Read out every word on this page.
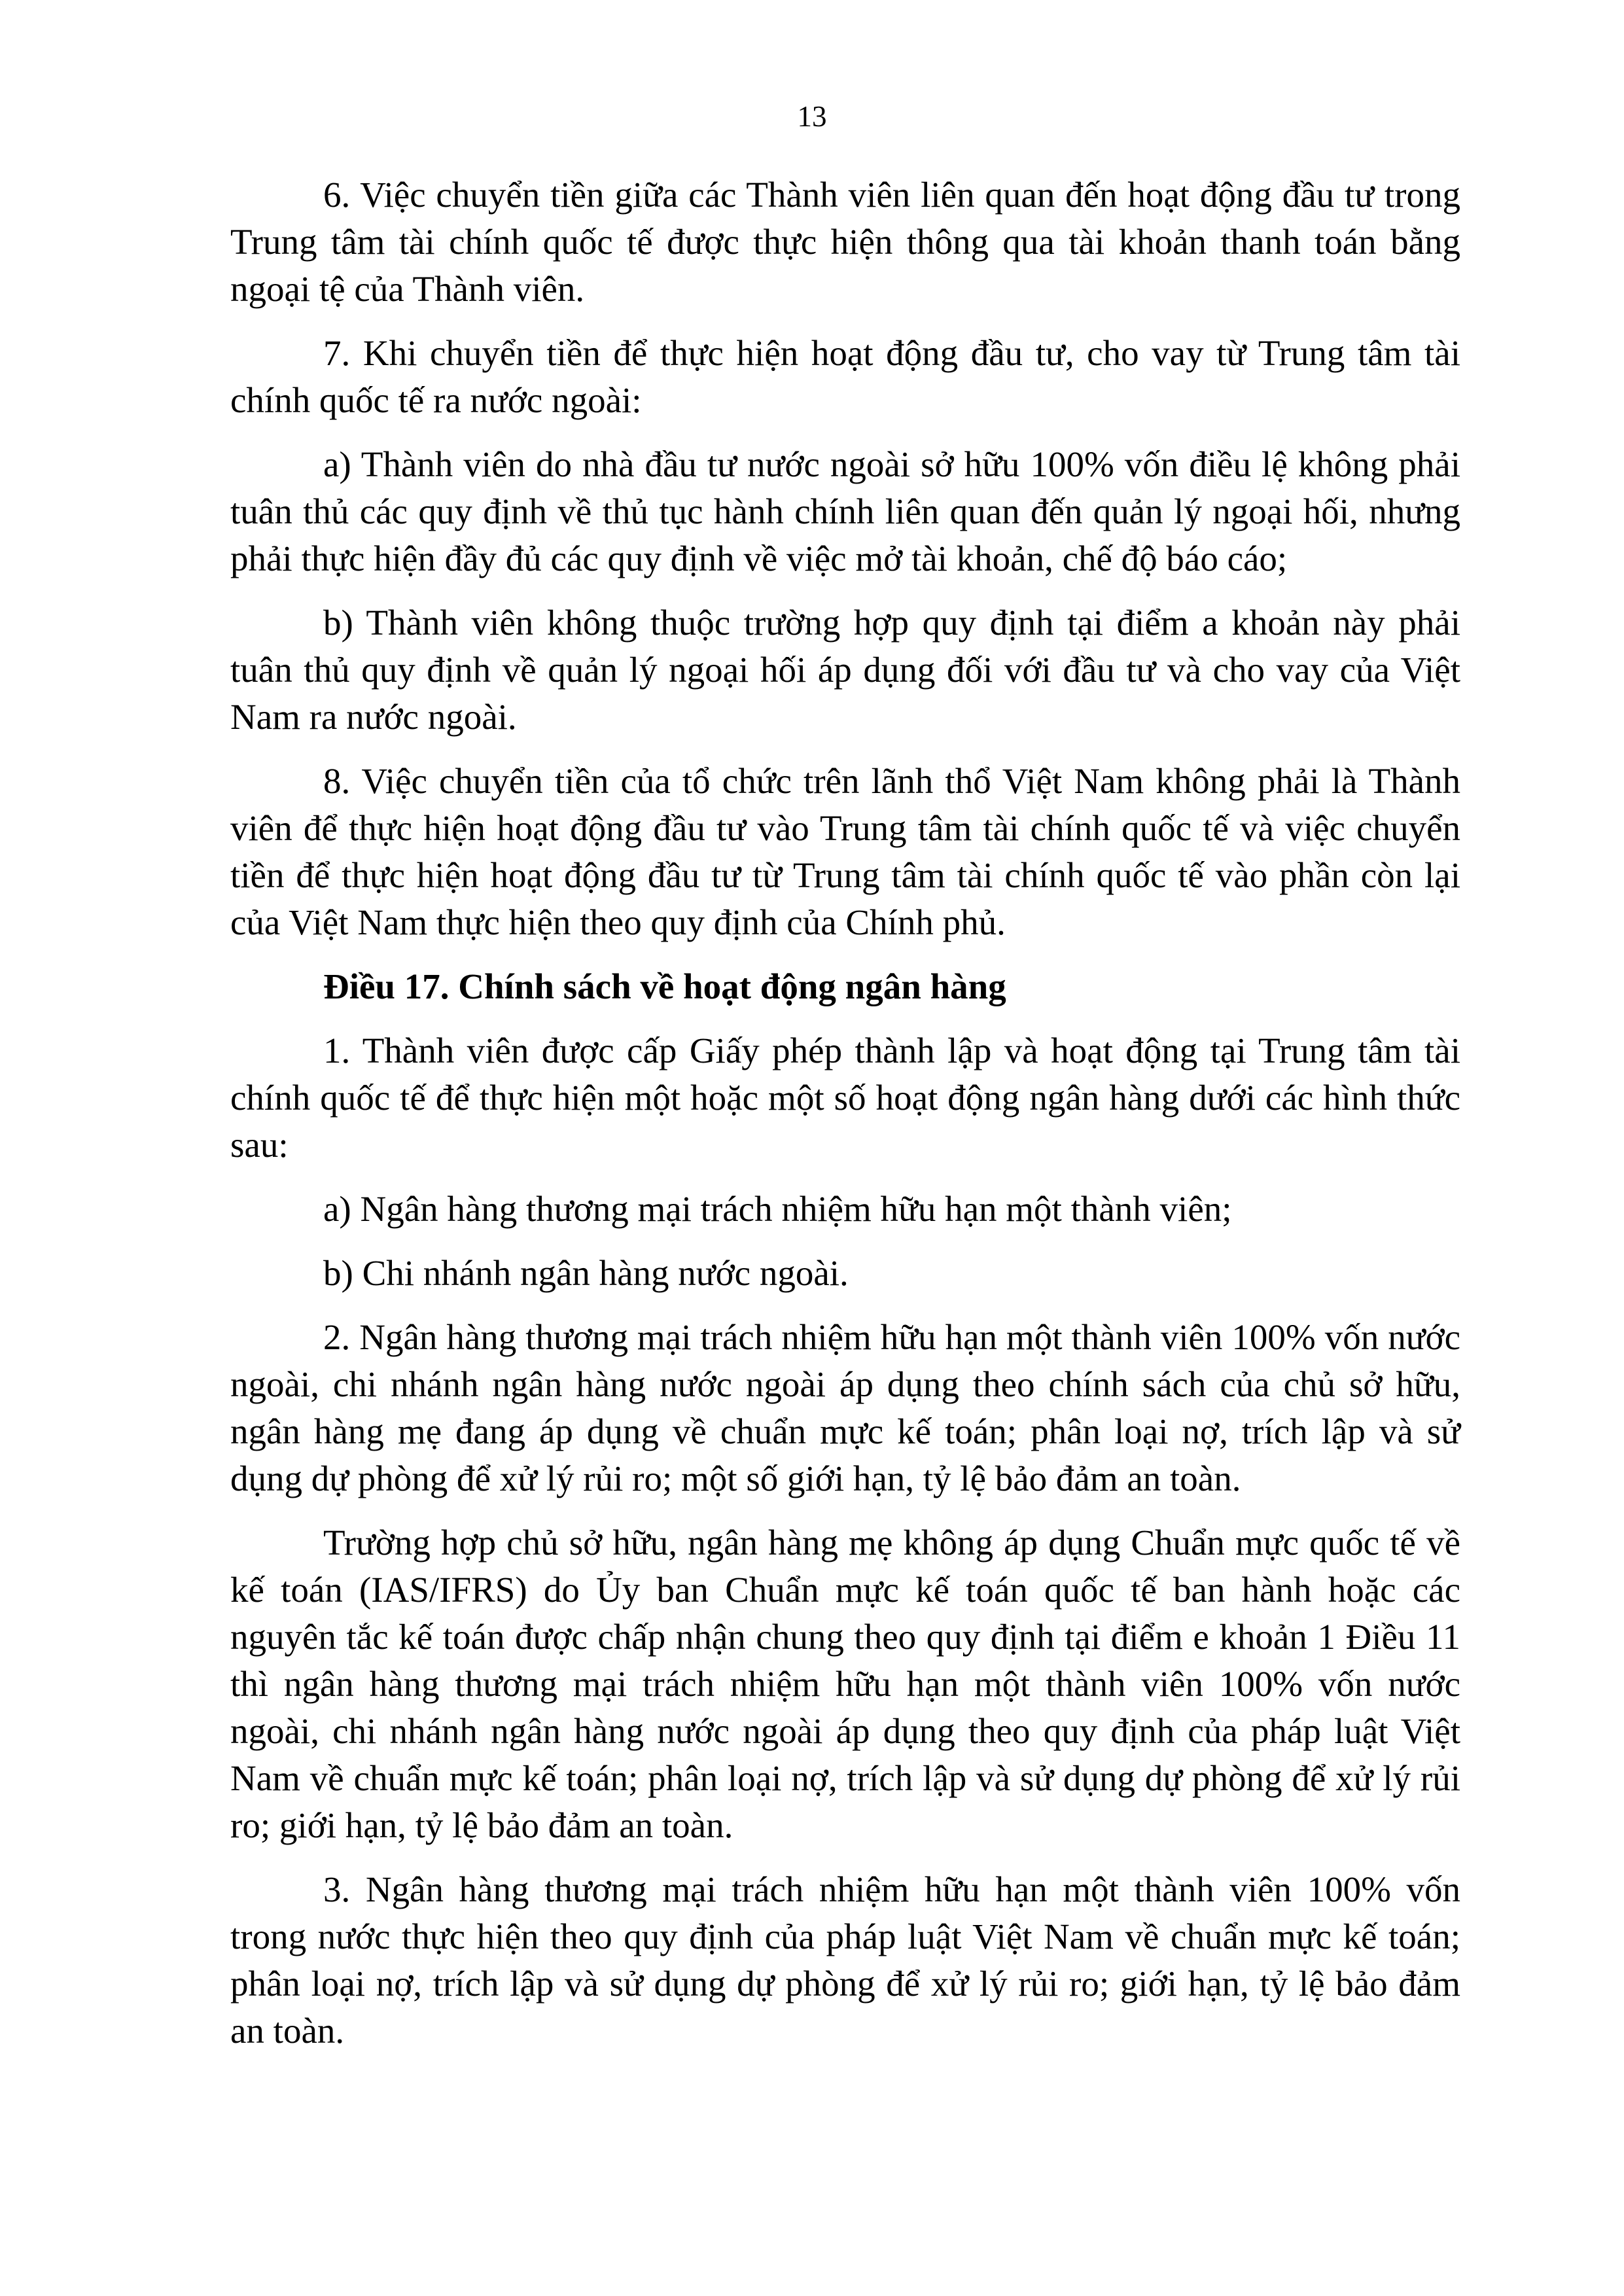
13

6. Việc chuyển tiền giữa các Thành viên liên quan đến hoạt động đầu tư trong Trung tâm tài chính quốc tế được thực hiện thông qua tài khoản thanh toán bằng ngoại tệ của Thành viên.

7. Khi chuyển tiền để thực hiện hoạt động đầu tư, cho vay từ Trung tâm tài chính quốc tế ra nước ngoài:

a) Thành viên do nhà đầu tư nước ngoài sở hữu 100% vốn điều lệ không phải tuân thủ các quy định về thủ tục hành chính liên quan đến quản lý ngoại hối, nhưng phải thực hiện đầy đủ các quy định về việc mở tài khoản, chế độ báo cáo;

b) Thành viên không thuộc trường hợp quy định tại điểm a khoản này phải tuân thủ quy định về quản lý ngoại hối áp dụng đối với đầu tư và cho vay của Việt Nam ra nước ngoài.

8. Việc chuyển tiền của tổ chức trên lãnh thổ Việt Nam không phải là Thành viên để thực hiện hoạt động đầu tư vào Trung tâm tài chính quốc tế và việc chuyển tiền để thực hiện hoạt động đầu tư từ Trung tâm tài chính quốc tế vào phần còn lại của Việt Nam thực hiện theo quy định của Chính phủ.

Điều 17. Chính sách về hoạt động ngân hàng

1. Thành viên được cấp Giấy phép thành lập và hoạt động tại Trung tâm tài chính quốc tế để thực hiện một hoặc một số hoạt động ngân hàng dưới các hình thức sau:

a) Ngân hàng thương mại trách nhiệm hữu hạn một thành viên;

b) Chi nhánh ngân hàng nước ngoài.

2. Ngân hàng thương mại trách nhiệm hữu hạn một thành viên 100% vốn nước ngoài, chi nhánh ngân hàng nước ngoài áp dụng theo chính sách của chủ sở hữu, ngân hàng mẹ đang áp dụng về chuẩn mực kế toán; phân loại nợ, trích lập và sử dụng dự phòng để xử lý rủi ro; một số giới hạn, tỷ lệ bảo đảm an toàn.

Trường hợp chủ sở hữu, ngân hàng mẹ không áp dụng Chuẩn mực quốc tế về kế toán (IAS/IFRS) do Ủy ban Chuẩn mực kế toán quốc tế ban hành hoặc các nguyên tắc kế toán được chấp nhận chung theo quy định tại điểm e khoản 1 Điều 11 thì ngân hàng thương mại trách nhiệm hữu hạn một thành viên 100% vốn nước ngoài, chi nhánh ngân hàng nước ngoài áp dụng theo quy định của pháp luật Việt Nam về chuẩn mực kế toán; phân loại nợ, trích lập và sử dụng dự phòng để xử lý rủi ro; giới hạn, tỷ lệ bảo đảm an toàn.

3. Ngân hàng thương mại trách nhiệm hữu hạn một thành viên 100% vốn trong nước thực hiện theo quy định của pháp luật Việt Nam về chuẩn mực kế toán; phân loại nợ, trích lập và sử dụng dự phòng để xử lý rủi ro; giới hạn, tỷ lệ bảo đảm an toàn.
